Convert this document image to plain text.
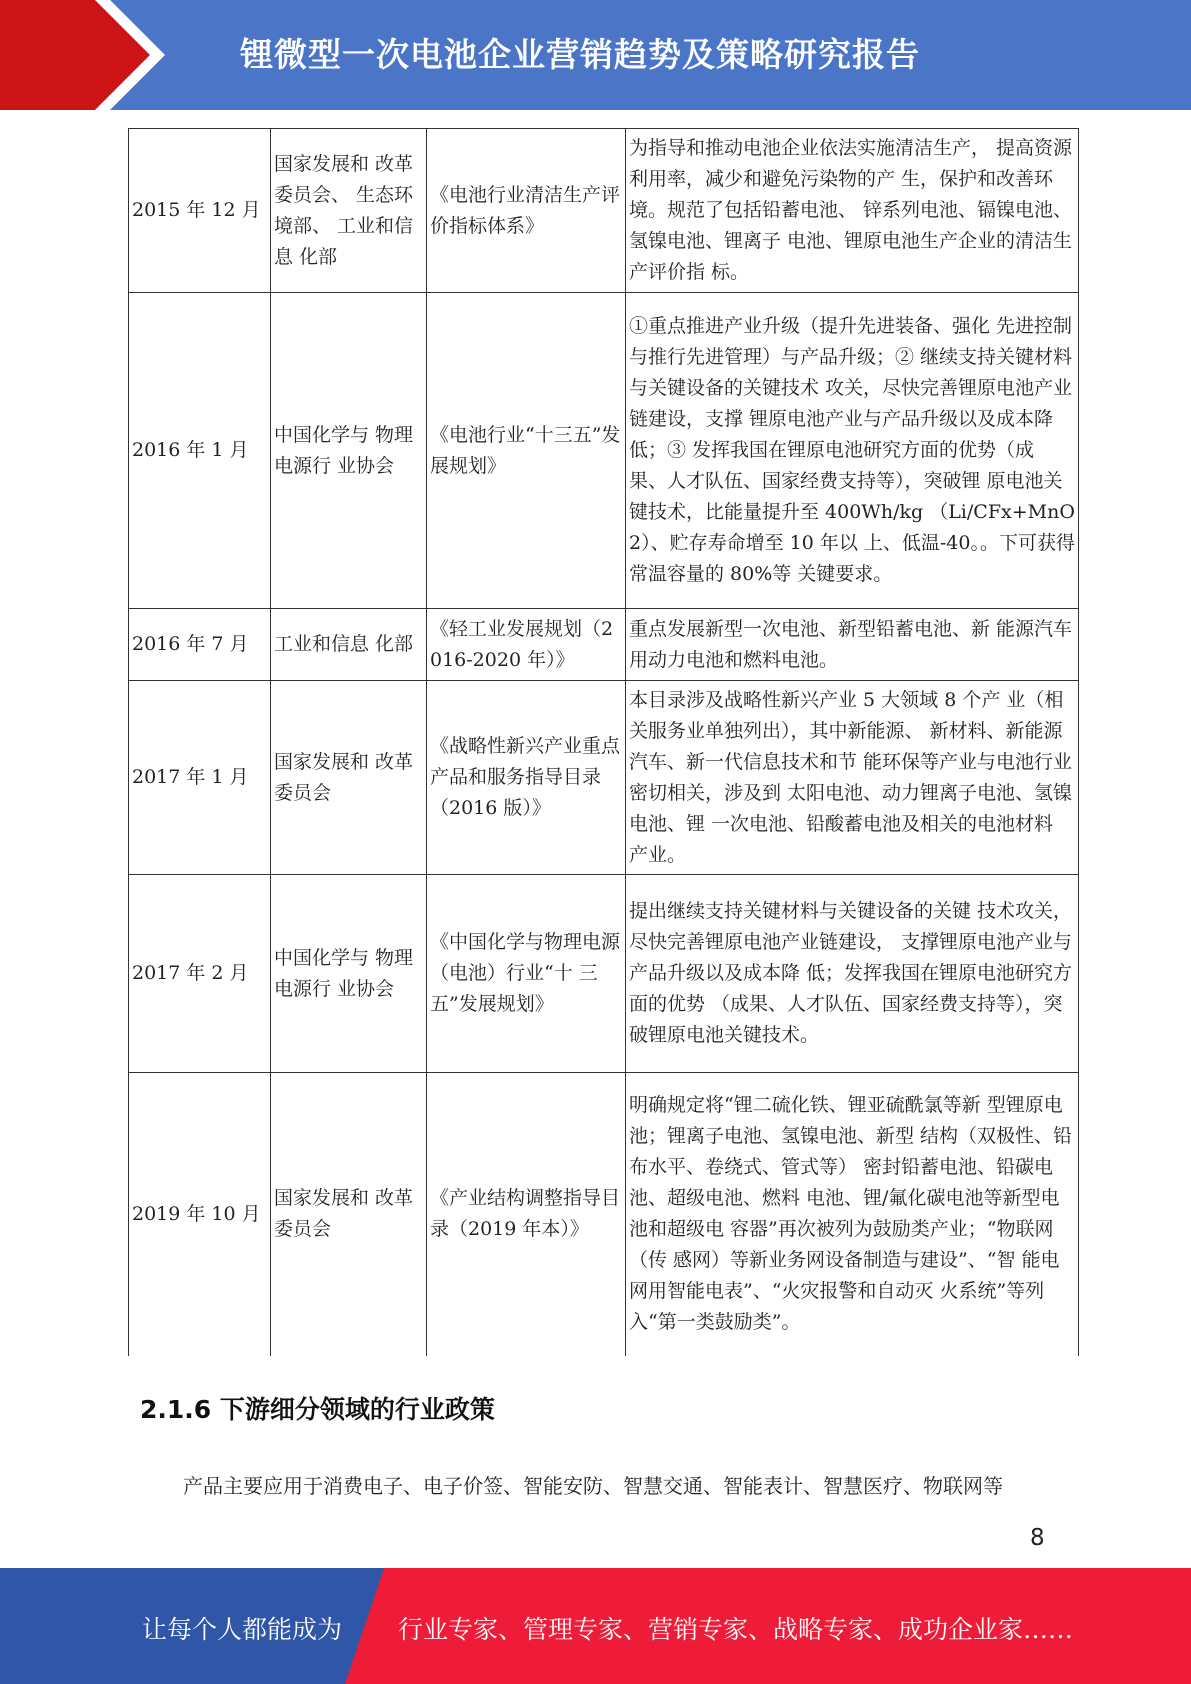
锂微型一次电池企业营销趋势及策略研究报告
2015 年 12 月	国家发展和 改革委员会、 生态环境部、 工业和信息 化部	《电池行业清洁生产评价指标体系》	为指导和推动电池企业依法实施清洁生产， 提高资源利用率，减少和避免污染物的产 生，保护和改善环境。规范了包括铅蓄电池、 锌系列电池、镉镍电池、氢镍电池、锂离子 电池、锂原电池生产企业的清洁生产评价指 标。
2016 年 1 月	中国化学与 物理电源行 业协会	《电池行业“十三五”发展规划》	①重点推进产业升级（提升先进装备、强化 先进控制与推行先进管理）与产品升级；② 继续支持关键材料与关键设备的关键技术 攻关，尽快完善锂原电池产业链建设，支撑 锂原电池产业与产品升级以及成本降低；③ 发挥我国在锂原电池研究方面的优势（成 果、人才队伍、国家经费支持等），突破锂 原电池关键技术，比能量提升至 400Wh/kg （Li/CFx+MnO2）、贮存寿命增至 10 年以 上、低温-40。。下可获得常温容量的 80%等 关键要求。
2016 年 7 月	工业和信息 化部	《轻工业发展规划（2016-2020 年）》	重点发展新型一次电池、新型铅蓄电池、新 能源汽车用动力电池和燃料电池。
2017 年 1 月	国家发展和 改革委员会	《战略性新兴产业重点产品和服务指导目录（2016 版）》	本目录涉及战略性新兴产业 5 大领域 8 个产 业（相关服务业单独列出），其中新能源、 新材料、新能源汽车、新一代信息技术和节 能环保等产业与电池行业密切相关，涉及到 太阳电池、动力锂离子电池、氢镍电池、锂 一次电池、铅酸蓄电池及相关的电池材料 产业。
2017 年 2 月	中国化学与 物理电源行 业协会	《中国化学与物理电源（电池）行业“十 三五”发展规划》	提出继续支持关键材料与关键设备的关键 技术攻关，尽快完善锂原电池产业链建设， 支撑锂原电池产业与产品升级以及成本降 低；发挥我国在锂原电池研究方面的优势 （成果、人才队伍、国家经费支持等），突 破锂原电池关键技术。
2019 年 10 月	国家发展和 改革委员会	《产业结构调整指导目录（2019 年本）》	明确规定将“锂二硫化铁、锂亚硫酰氯等新 型锂原电池；锂离子电池、氢镍电池、新型 结构（双极性、铅布水平、卷绕式、管式等） 密封铅蓄电池、铅碳电池、超级电池、燃料 电池、锂/氟化碳电池等新型电池和超级电 容器”再次被列为鼓励类产业；“物联网（传 感网）等新业务网设备制造与建设”、“智 能电网用智能电表”、“火灾报警和自动灭 火系统”等列入“第一类鼓励类”。
2.1.6 下游细分领域的行业政策
产品主要应用于消费电子、电子价签、智能安防、智慧交通、智能表计、智慧医疗、物联网等
8
让每个人都能成为 行业专家、管理专家、营销专家、战略专家、成功企业家……
